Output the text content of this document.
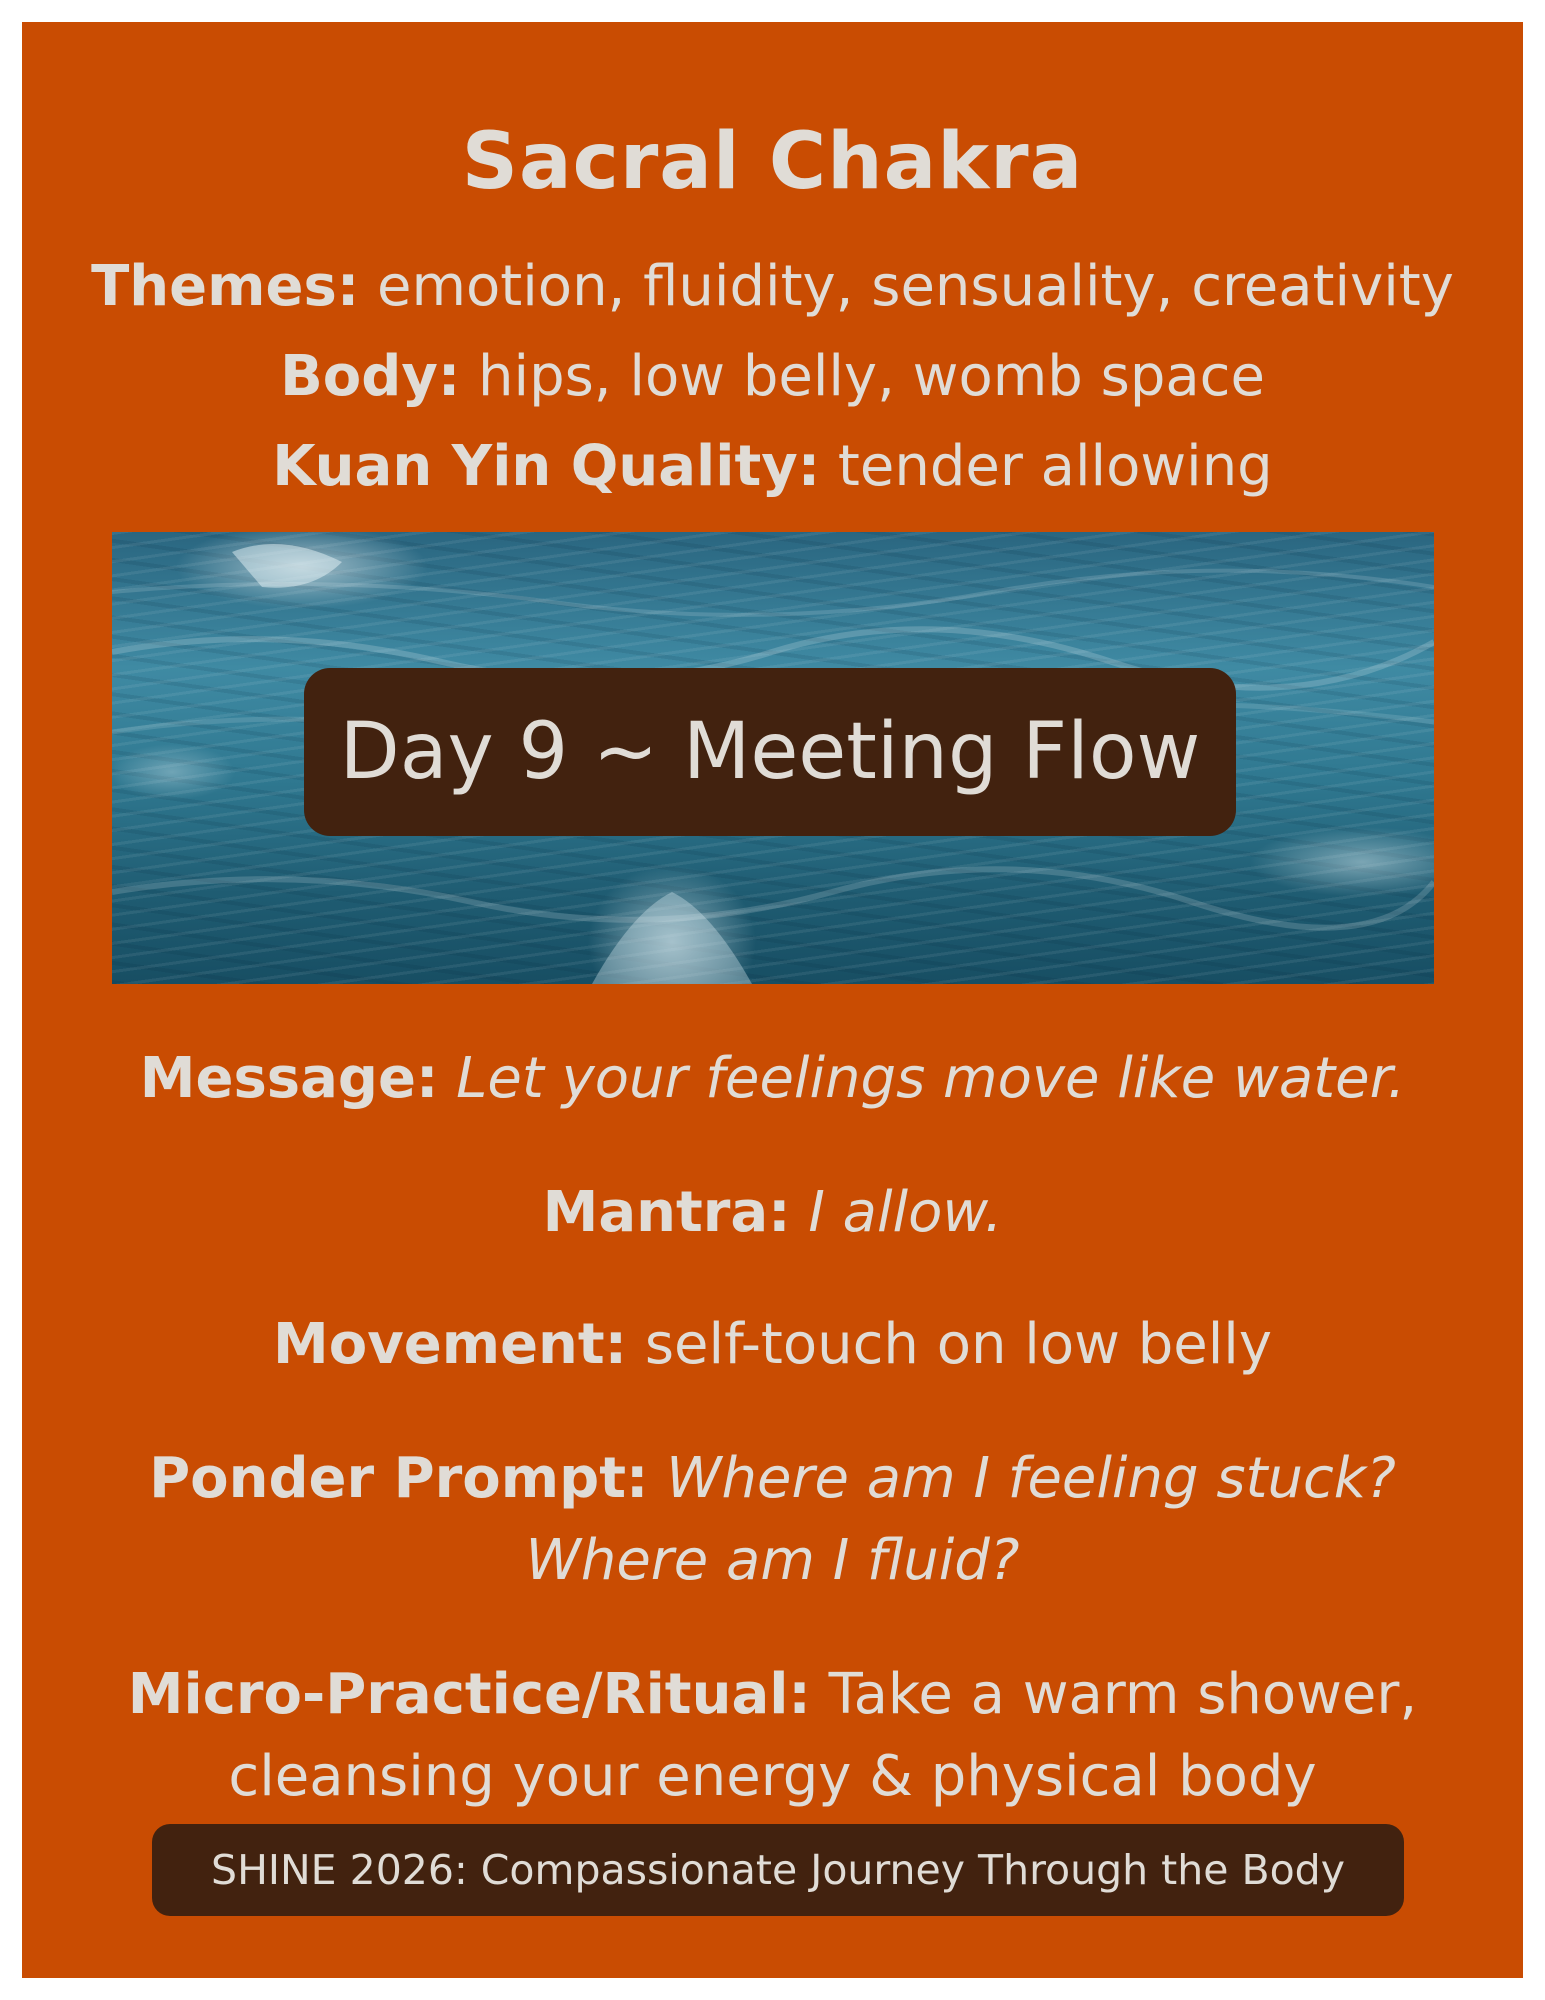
Sacral Chakra
Themes: emotion, fluidity, sensuality, creativity
Body: hips, low belly, womb space
Kuan Yin Quality: tender allowing
Day 9 ~ Meeting Flow
Message: Let your feelings move like water.
Mantra: I allow.
Movement: self-touch on low belly
Ponder Prompt: Where am I feeling stuck?
Where am I fluid?
Micro-Practice/Ritual: Take a warm shower,
cleansing your energy & physical body
SHINE 2026: Compassionate Journey Through the Body
